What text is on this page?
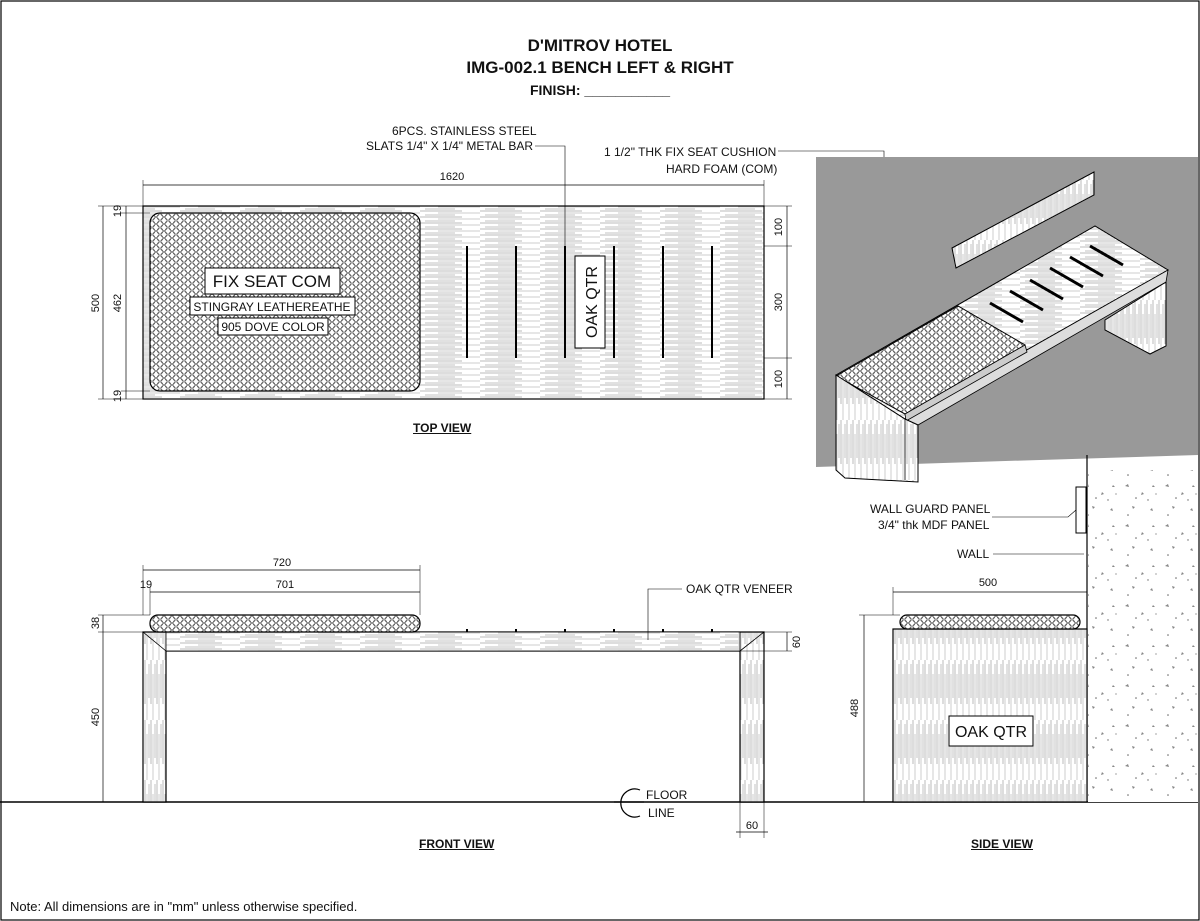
D'MITROV HOTEL
IMG-002.1 BENCH LEFT & RIGHT
FINISH: ___________
FIX SEAT COM
STINGRAY LEATHEREATHE
905 DOVE COLOR	OAK QTR
1620
500 462
19
19
100
300
100
720
701
19
38
450
60
60
OAK QTR
500
488
6PCS. STAINLESS STEEL
SLATS 1/4" X 1/4" METAL BAR	1 1/2" THK FIX SEAT CUSHION
HARD FOAM (COM)
TOP VIEW
FRONT VIEW	SIDE VIEW
OAK QTR VENEER
FLOOR
LINE
WALL GUARD PANEL
3/4" thk MDF PANEL
WALL
Note: All dimensions are in "mm" unless otherwise specified.
